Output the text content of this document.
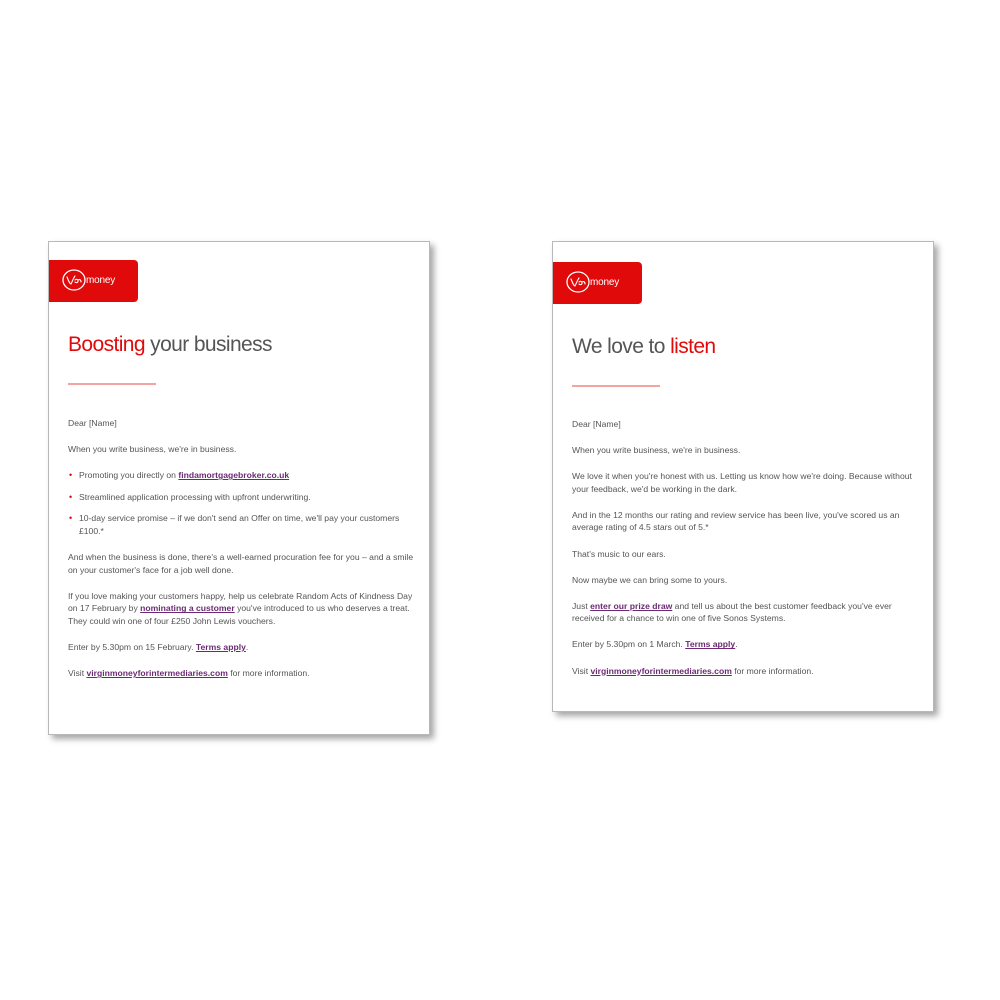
money
Boosting your business

Dear [Name]

When you write business, we're in business.

• Promoting you directly on findamortgagebroker.co.uk
• Streamlined application processing with upfront underwriting.
• 10-day service promise – if we don't send an Offer on time, we'll pay your customers £100.*

And when the business is done, there's a well-earned procuration fee for you – and a smile on your customer's face for a job well done.

If you love making your customers happy, help us celebrate Random Acts of Kindness Day on 17 February by nominating a customer you've introduced to us who deserves a treat. They could win one of four £250 John Lewis vouchers.

Enter by 5.30pm on 15 February. Terms apply.

Visit virginmoneyforintermediaries.com for more information.

money
We love to listen

Dear [Name]

When you write business, we're in business.

We love it when you're honest with us. Letting us know how we're doing. Because without your feedback, we'd be working in the dark.

And in the 12 months our rating and review service has been live, you've scored us an average rating of 4.5 stars out of 5.*

That's music to our ears.

Now maybe we can bring some to yours.

Just enter our prize draw and tell us about the best customer feedback you've ever received for a chance to win one of five Sonos Systems.

Enter by 5.30pm on 1 March. Terms apply.

Visit virginmoneyforintermediaries.com for more information.
